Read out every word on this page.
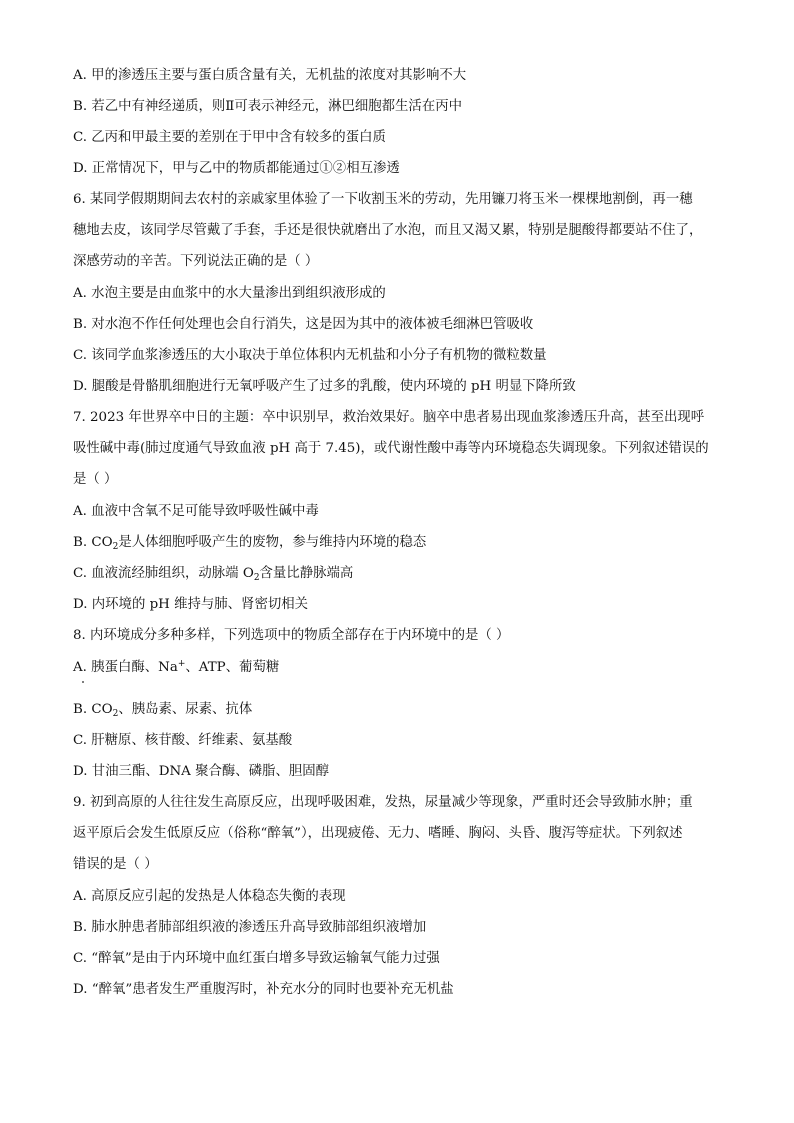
A. 甲的渗透压主要与蛋白质含量有关，无机盐的浓度对其影响不大
B. 若乙中有神经递质，则Ⅱ可表示神经元，淋巴细胞都生活在丙中
C. 乙丙和甲最主要的差别在于甲中含有较多的蛋白质
D. 正常情况下，甲与乙中的物质都能通过①②相互渗透
6. 某同学假期期间去农村的亲戚家里体验了一下收割玉米的劳动，先用镰刀将玉米一棵棵地割倒，再一穗
穗地去皮，该同学尽管戴了手套，手还是很快就磨出了水泡，而且又渴又累，特别是腿酸得都要站不住了，
深感劳动的辛苦。下列说法正确的是（ ）
A. 水泡主要是由血浆中的水大量渗出到组织液形成的
B. 对水泡不作任何处理也会自行消失，这是因为其中的液体被毛细淋巴管吸收
C. 该同学血浆渗透压的大小取决于单位体积内无机盐和小分子有机物的微粒数量
D. 腿酸是骨骼肌细胞进行无氧呼吸产生了过多的乳酸，使内环境的 pH 明显下降所致
7. 2023 年世界卒中日的主题：卒中识别早，救治效果好。脑卒中患者易出现血浆渗透压升高，甚至出现呼
吸性碱中毒(肺过度通气导致血液 pH 高于 7.45)，或代谢性酸中毒等内环境稳态失调现象。下列叙述错误的
是（ ）
A. 血液中含氧不足可能导致呼吸性碱中毒
B. $CO_2$是人体细胞呼吸产生的废物，参与维持内环境的稳态
C. 血液流经肺组织，动脉端 $O_2$含量比静脉端高
D. 内环境的 pH 维持与肺、肾密切相关
8. 内环境成分多种多样，下列选项中的物质全部存在于内环境中的是（ ）
A. 胰蛋白酶、Na+、ATP、葡萄糖
B. $CO_2$、胰岛素、尿素、抗体
C. 肝糖原、核苷酸、纤维素、氨基酸
D. 甘油三酯、DNA 聚合酶、磷脂、胆固醇
9. 初到高原的人往往发生高原反应，出现呼吸困难，发热，尿量减少等现象，严重时还会导致肺水肿；重
返平原后会发生低原反应（俗称“醉氧”），出现疲倦、无力、嗜睡、胸闷、头昏、腹泻等症状。下列叙述
错误的是（ ）
A. 高原反应引起的发热是人体稳态失衡的表现
B. 肺水肿患者肺部组织液的渗透压升高导致肺部组织液增加
C. “醉氧”是由于内环境中血红蛋白增多导致运输氧气能力过强
D. “醉氧”患者发生严重腹泻时，补充水分的同时也要补充无机盐
